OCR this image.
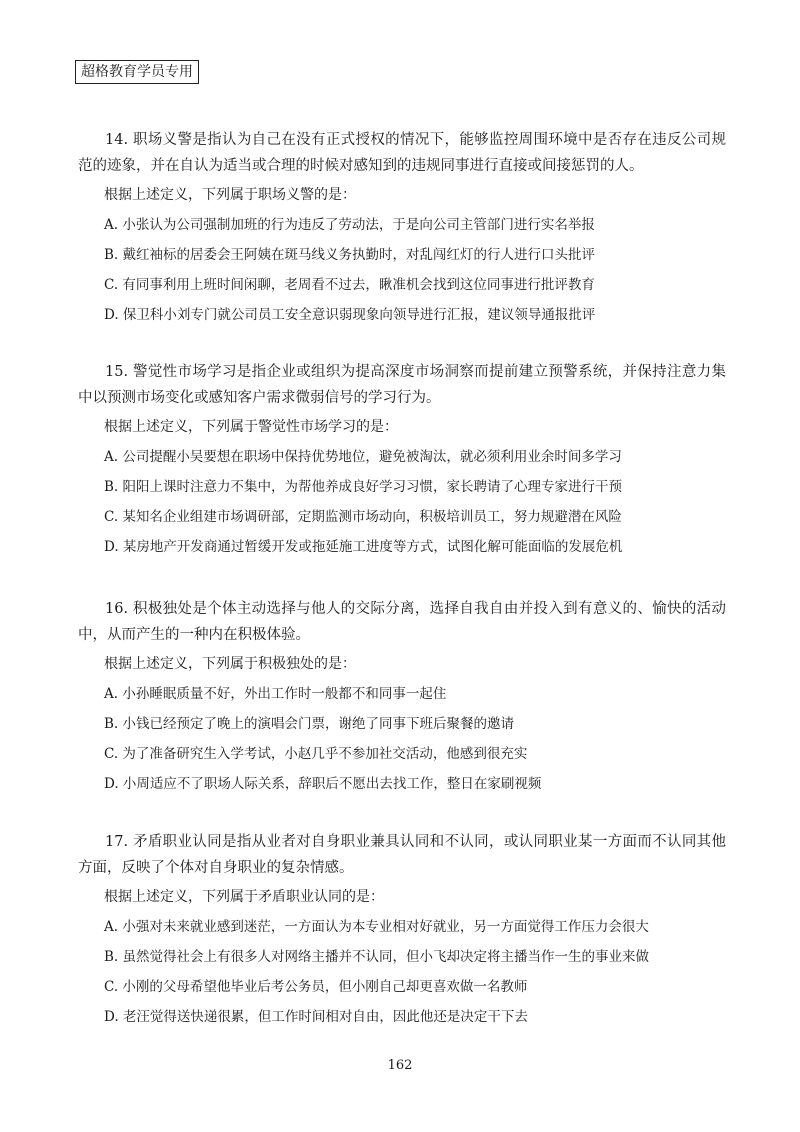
超格教育学员专用

14. 职场义警是指认为自己在没有正式授权的情况下，能够监控周围环境中是否存在违反公司规范的迹象，并在自认为适当或合理的时候对感知到的违规同事进行直接或间接惩罚的人。

根据上述定义，下列属于职场义警的是：
A. 小张认为公司强制加班的行为违反了劳动法，于是向公司主管部门进行实名举报
B. 戴红袖标的居委会王阿姨在斑马线义务执勤时，对乱闯红灯的行人进行口头批评
C. 有同事利用上班时间闲聊，老周看不过去，瞅准机会找到这位同事进行批评教育
D. 保卫科小刘专门就公司员工安全意识弱现象向领导进行汇报，建议领导通报批评

15. 警觉性市场学习是指企业或组织为提高深度市场洞察而提前建立预警系统，并保持注意力集中以预测市场变化或感知客户需求微弱信号的学习行为。

根据上述定义，下列属于警觉性市场学习的是：
A. 公司提醒小吴要想在职场中保持优势地位，避免被淘汰，就必须利用业余时间多学习
B. 阳阳上课时注意力不集中，为帮他养成良好学习习惯，家长聘请了心理专家进行干预
C. 某知名企业组建市场调研部，定期监测市场动向，积极培训员工，努力规避潜在风险
D. 某房地产开发商通过暂缓开发或拖延施工进度等方式，试图化解可能面临的发展危机

16. 积极独处是个体主动选择与他人的交际分离，选择自我自由并投入到有意义的、愉快的活动中，从而产生的一种内在积极体验。

根据上述定义，下列属于积极独处的是：
A. 小孙睡眠质量不好，外出工作时一般都不和同事一起住
B. 小钱已经预定了晚上的演唱会门票，谢绝了同事下班后聚餐的邀请
C. 为了准备研究生入学考试，小赵几乎不参加社交活动，他感到很充实
D. 小周适应不了职场人际关系，辞职后不愿出去找工作，整日在家刷视频

17. 矛盾职业认同是指从业者对自身职业兼具认同和不认同，或认同职业某一方面而不认同其他方面，反映了个体对自身职业的复杂情感。

根据上述定义，下列属于矛盾职业认同的是：
A. 小强对未来就业感到迷茫，一方面认为本专业相对好就业，另一方面觉得工作压力会很大
B. 虽然觉得社会上有很多人对网络主播并不认同，但小飞却决定将主播当作一生的事业来做
C. 小刚的父母希望他毕业后考公务员，但小刚自己却更喜欢做一名教师
D. 老汪觉得送快递很累，但工作时间相对自由，因此他还是决定干下去
162
